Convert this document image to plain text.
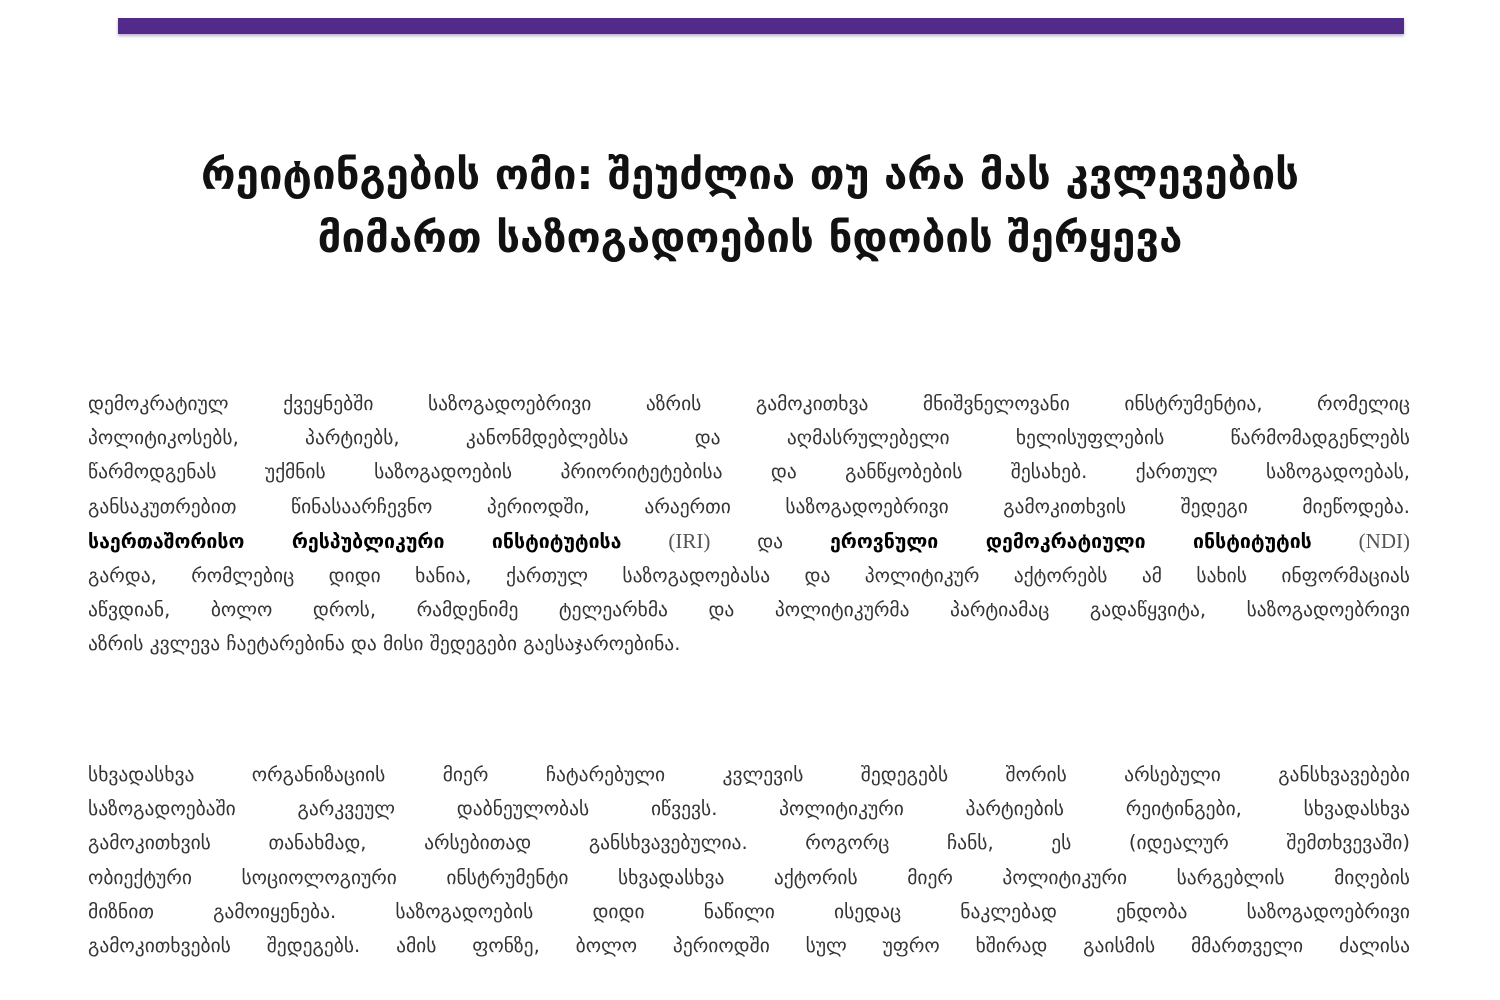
რეიტინგების ომი: შეუძლია თუ არა მას კვლევების
მიმართ საზოგადოების ნდობის შერყევა
დემოკრატიულ ქვეყნებში საზოგადოებრივი აზრის გამოკითხვა მნიშვნელოვანი ინსტრუმენტია, რომელიც
პოლიტიკოსებს, პარტიებს, კანონმდებლებსა და აღმასრულებელი ხელისუფლების წარმომადგენლებს
წარმოდგენას უქმნის საზოგადოების პრიორიტეტებისა და განწყობების შესახებ. ქართულ საზოგადოებას,
განსაკუთრებით წინასაარჩევნო პერიოდში, არაერთი საზოგადოებრივი გამოკითხვის შედეგი მიეწოდება.
საერთაშორისო რესპუბლიკური ინსტიტუტისა (IRI) და ეროვნული დემოკრატიული ინსტიტუტის (NDI)
გარდა, რომლებიც დიდი ხანია, ქართულ საზოგადოებასა და პოლიტიკურ აქტორებს ამ სახის ინფორმაციას
აწვდიან, ბოლო დროს, რამდენიმე ტელეარხმა და პოლიტიკურმა პარტიამაც გადაწყვიტა, საზოგადოებრივი
აზრის კვლევა ჩაეტარებინა და მისი შედეგები გაესაჯაროებინა.
სხვადასხვა ორგანიზაციის მიერ ჩატარებული კვლევის შედეგებს შორის არსებული განსხვავებები
საზოგადოებაში გარკვეულ დაბნეულობას იწვევს. პოლიტიკური პარტიების რეიტინგები, სხვადასხვა
გამოკითხვის თანახმად, არსებითად განსხვავებულია. როგორც ჩანს, ეს (იდეალურ შემთხვევაში)
ობიექტური სოციოლოგიური ინსტრუმენტი სხვადასხვა აქტორის მიერ პოლიტიკური სარგებლის მიღების
მიზნით გამოიყენება. საზოგადოების დიდი ნაწილი ისედაც ნაკლებად ენდობა საზოგადოებრივი
გამოკითხვების შედეგებს. ამის ფონზე, ბოლო პერიოდში სულ უფრო ხშირად გაისმის მმართველი ძალისა
